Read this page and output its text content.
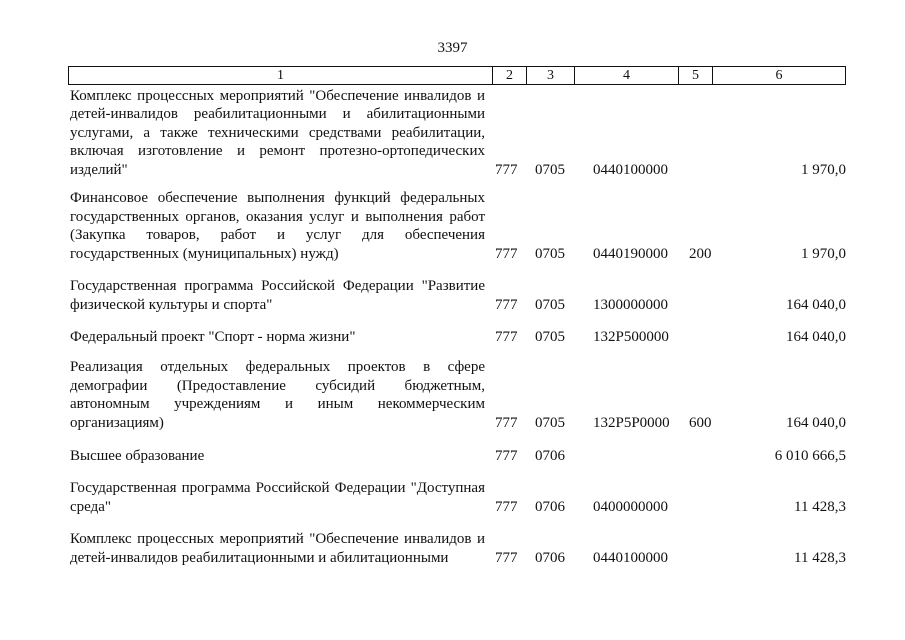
3397
1	2	3	4	5	6
Комплекс процессных мероприятий "Обеспечение инвалидов и детей-инвалидов реабилитационными и абилитационными услугами, а также техническими средствами реабилитации, включая изготовление и ремонт протезно-ортопедических изделий"	777 0705 0440100000	1 970,0
Финансовое обеспечение выполнения функций федеральных государственных органов, оказания услуг и выполнения работ (Закупка товаров, работ и услуг для обеспечения государственных (муниципальных) нужд)	777 0705 0440190000 200	1 970,0
Государственная программа Российской Федерации "Развитие физической культуры и спорта"	777 0705 1300000000	164 040,0
Федеральный проект "Спорт - норма жизни"	777 0705 132P500000	164 040,0
Реализация отдельных федеральных проектов в сфере демографии (Предоставление субсидий бюджетным, автономным учреждениям и иным некоммерческим организациям)	777 0705 132P5P0000 600	164 040,0
Высшее образование	777 0706	6 010 666,5
Государственная программа Российской Федерации "Доступная среда"	777 0706 0400000000	11 428,3
Комплекс процессных мероприятий "Обеспечение инвалидов и детей-инвалидов реабилитационными и абилитационными	777 0706 0440100000	11 428,3
